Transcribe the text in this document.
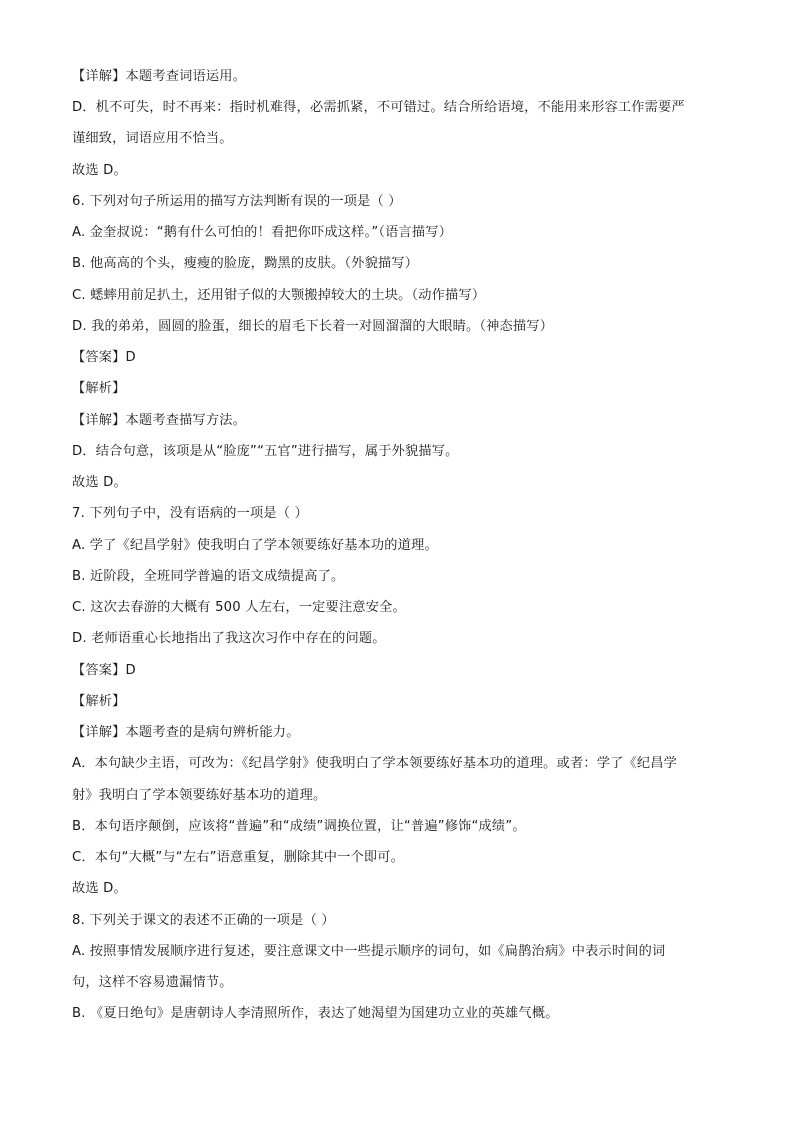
【详解】本题考查词语运用。
D．机不可失，时不再来：指时机难得，必需抓紧，不可错过。结合所给语境，不能用来形容工作需要严
谨细致，词语应用不恰当。
故选 D。
6. 下列对句子所运用的描写方法判断有误的一项是（ ）
A. 金奎叔说：“鹅有什么可怕的！看把你吓成这样。”（语言描写）
B. 他高高的个头，瘦瘦的脸庞，黝黑的皮肤。（外貌描写）
C. 蟋蟀用前足扒土，还用钳子似的大颚搬掉较大的土块。（动作描写）
D. 我的弟弟，圆圆的脸蛋，细长的眉毛下长着一对圆溜溜的大眼睛。（神态描写）
【答案】D
【解析】
【详解】本题考查描写方法。
D．结合句意，该项是从“脸庞”“五官”进行描写，属于外貌描写。
故选 D。
7. 下列句子中，没有语病的一项是（ ）
A. 学了《纪昌学射》使我明白了学本领要练好基本功的道理。
B. 近阶段，全班同学普遍的语文成绩提高了。
C. 这次去春游的大概有 500 人左右，一定要注意安全。
D. 老师语重心长地指出了我这次习作中存在的问题。
【答案】D
【解析】
【详解】本题考查的是病句辨析能力。
A．本句缺少主语，可改为：《纪昌学射》使我明白了学本领要练好基本功的道理。或者：学了《纪昌学
射》我明白了学本领要练好基本功的道理。
B．本句语序颠倒，应该将“普遍”和“成绩”调换位置，让“普遍”修饰“成绩”。
C．本句“大概”与“左右”语意重复，删除其中一个即可。
故选 D。
8. 下列关于课文的表述不正确的一项是（ ）
A. 按照事情发展顺序进行复述，要注意课文中一些提示顺序的词句，如《扁鹊治病》中表示时间的词
句，这样不容易遗漏情节。
B. 《夏日绝句》是唐朝诗人李清照所作，表达了她渴望为国建功立业的英雄气概。
